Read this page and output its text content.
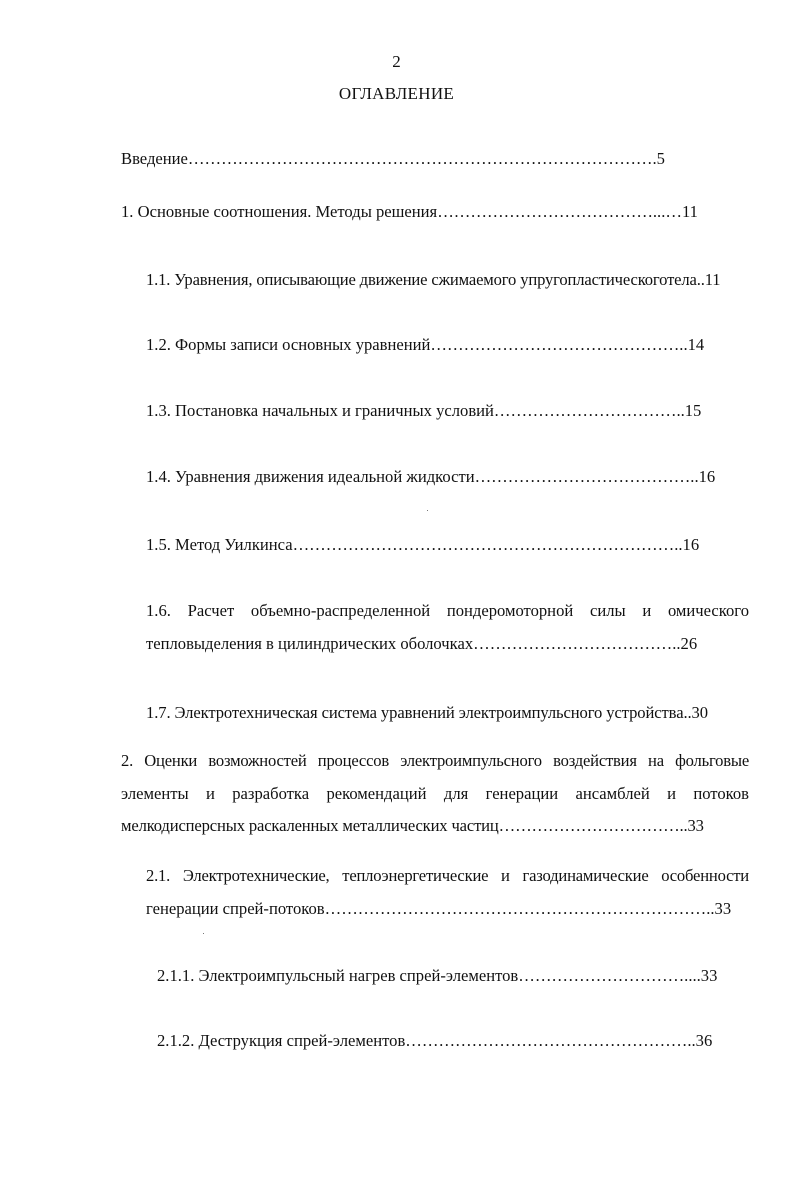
2
ОГЛАВЛЕНИЕ
Введение………………………………………………………………………….5
1. Основные соотношения. Методы решения…………………………………...…11
1.1. Уравнения, описывающие движение сжимаемого упругопластическоготела..11
1.2. Формы записи основных уравнений………………………………………..14
1.3. Постановка начальных и граничных условий……………………………..15
1.4. Уравнения движения идеальной жидкости…………………………………..16
1.5. Метод Уилкинса……………………………………………………………..16
1.6. Расчет объемно-распределенной пондеромоторной силы и омического
тепловыделения в цилиндрических оболочках………………………………..26
1.7. Электротехническая система уравнений электроимпульсного устройства..30
2. Оценки возможностей процессов электроимпульсного воздействия на фольговые
элементы и разработка рекомендаций для генерации ансамблей и потоков
мелкодисперсных раскаленных металлических частиц……………………………..33
2.1. Электротехнические, теплоэнергетические и газодинамические особенности
генерации спрей-потоков……………………………………………………………..33
2.1.1. Электроимпульсный нагрев спрей-элементов…………………………....33
2.1.2. Деструкция спрей-элементов……………………………………………..36
